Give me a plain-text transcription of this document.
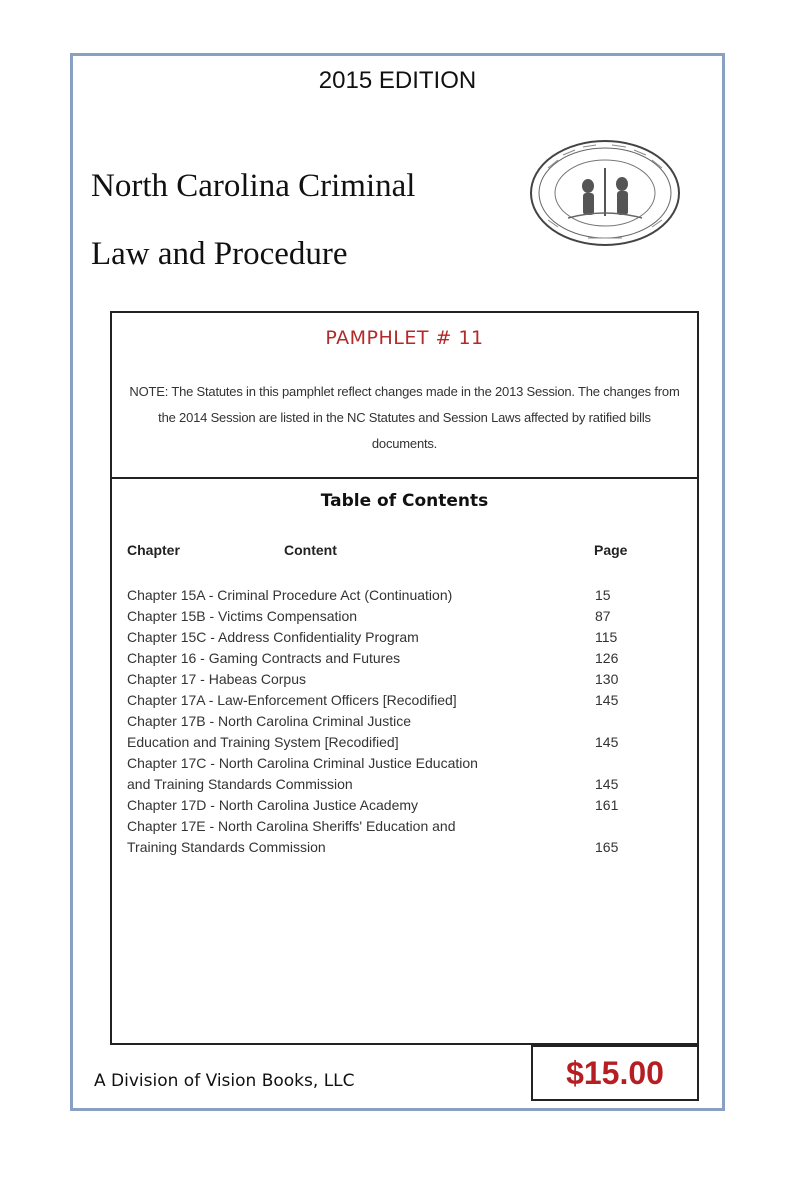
2015 EDITION
North Carolina Criminal
Law and Procedure
PAMPHLET # 11
NOTE: The Statutes in this pamphlet reflect changes made in the 2013 Session. The changes from the 2014 Session are listed in the NC Statutes and Session Laws affected by ratified bills documents.
Table of Contents
Chapter	Content	Page
Chapter 15A - Criminal Procedure Act (Continuation)	15
Chapter 15B - Victims Compensation	87
Chapter 15C - Address Confidentiality Program	115
Chapter 16 - Gaming Contracts and Futures	126
Chapter 17 - Habeas Corpus	130
Chapter 17A - Law-Enforcement Officers [Recodified]	145
Chapter 17B - North Carolina Criminal Justice
Education and Training System [Recodified]	145
Chapter 17C - North Carolina Criminal Justice Education
and Training Standards Commission	145
Chapter 17D - North Carolina Justice Academy	161
Chapter 17E - North Carolina Sheriffs' Education and
Training Standards Commission	165
A Division of Vision Books, LLC	$15.00
